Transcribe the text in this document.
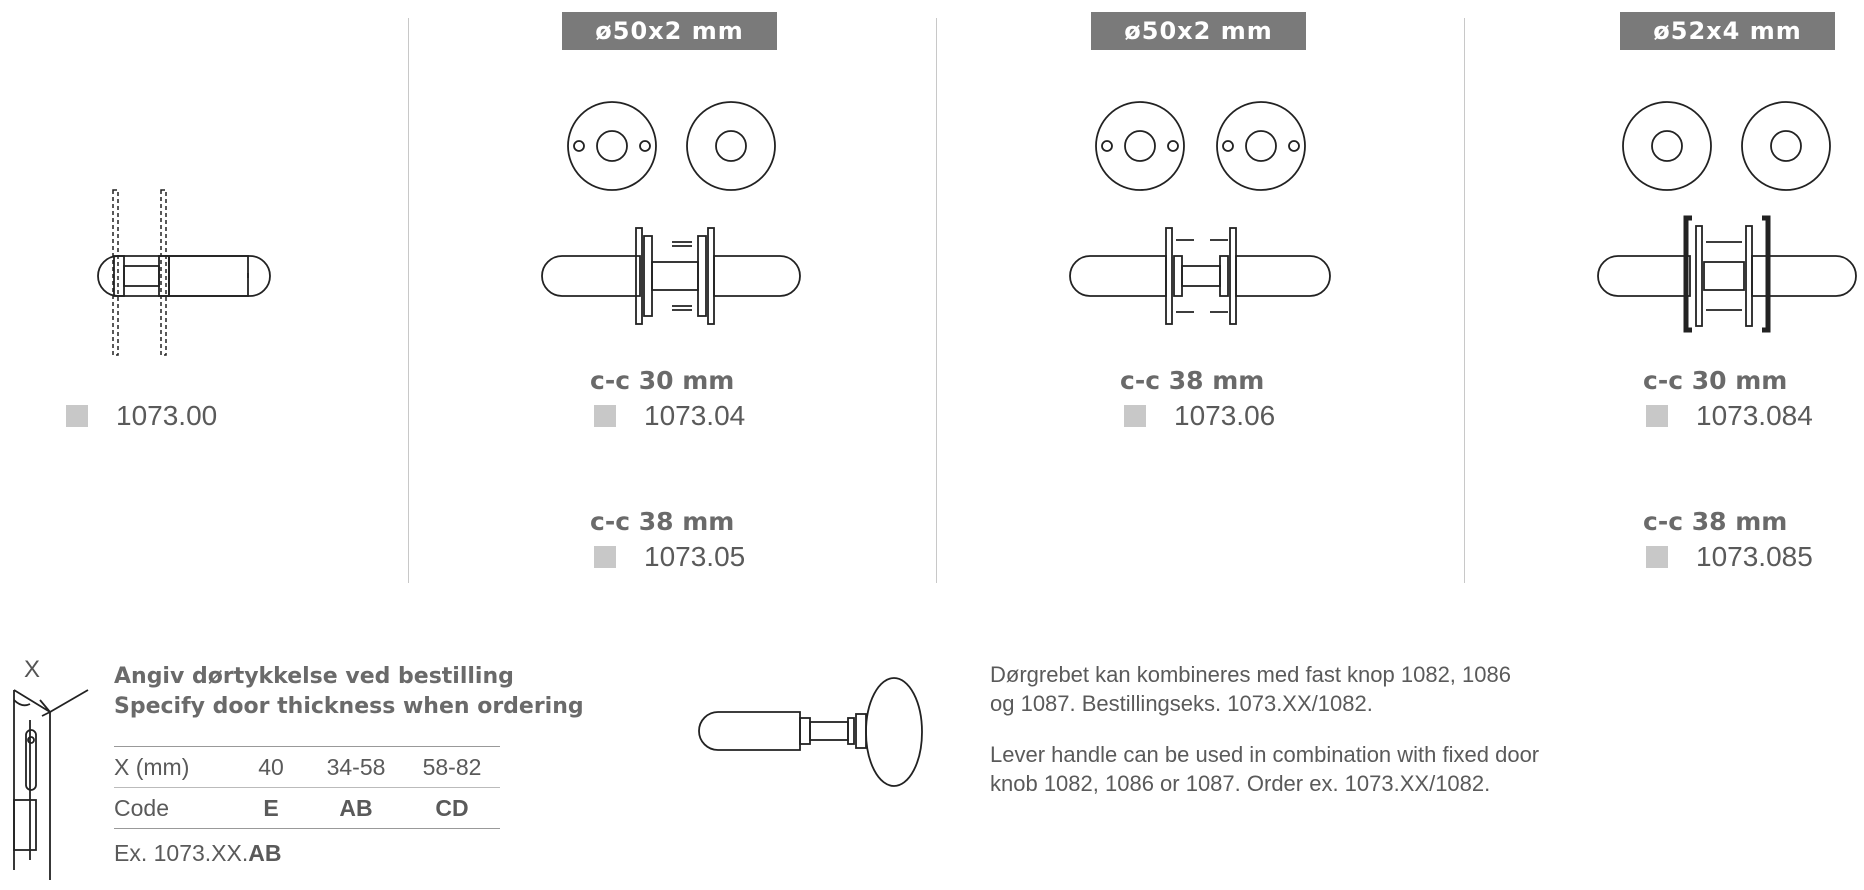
ø50x2 mm	ø50x2 mm	ø52x4 mm
1073.00
c-c 30 mm
1073.04
c-c 38 mm
1073.05
c-c 38 mm
1073.06
c-c 30 mm
1073.084
c-c 38 mm
1073.085
X	Angiv dørtykkelse ved bestilling
Specify door thickness when ordering
X (mm)	40	34-58	58-82
Code	E	AB	CD
Ex. 1073.XX.AB
Dørgrebet kan kombineres med fast knop 1082, 1086
og 1087. Bestillingseks. 1073.XX/1082.
Lever handle can be used in combination with fixed door
knob 1082, 1086 or 1087. Order ex. 1073.XX/1082.
